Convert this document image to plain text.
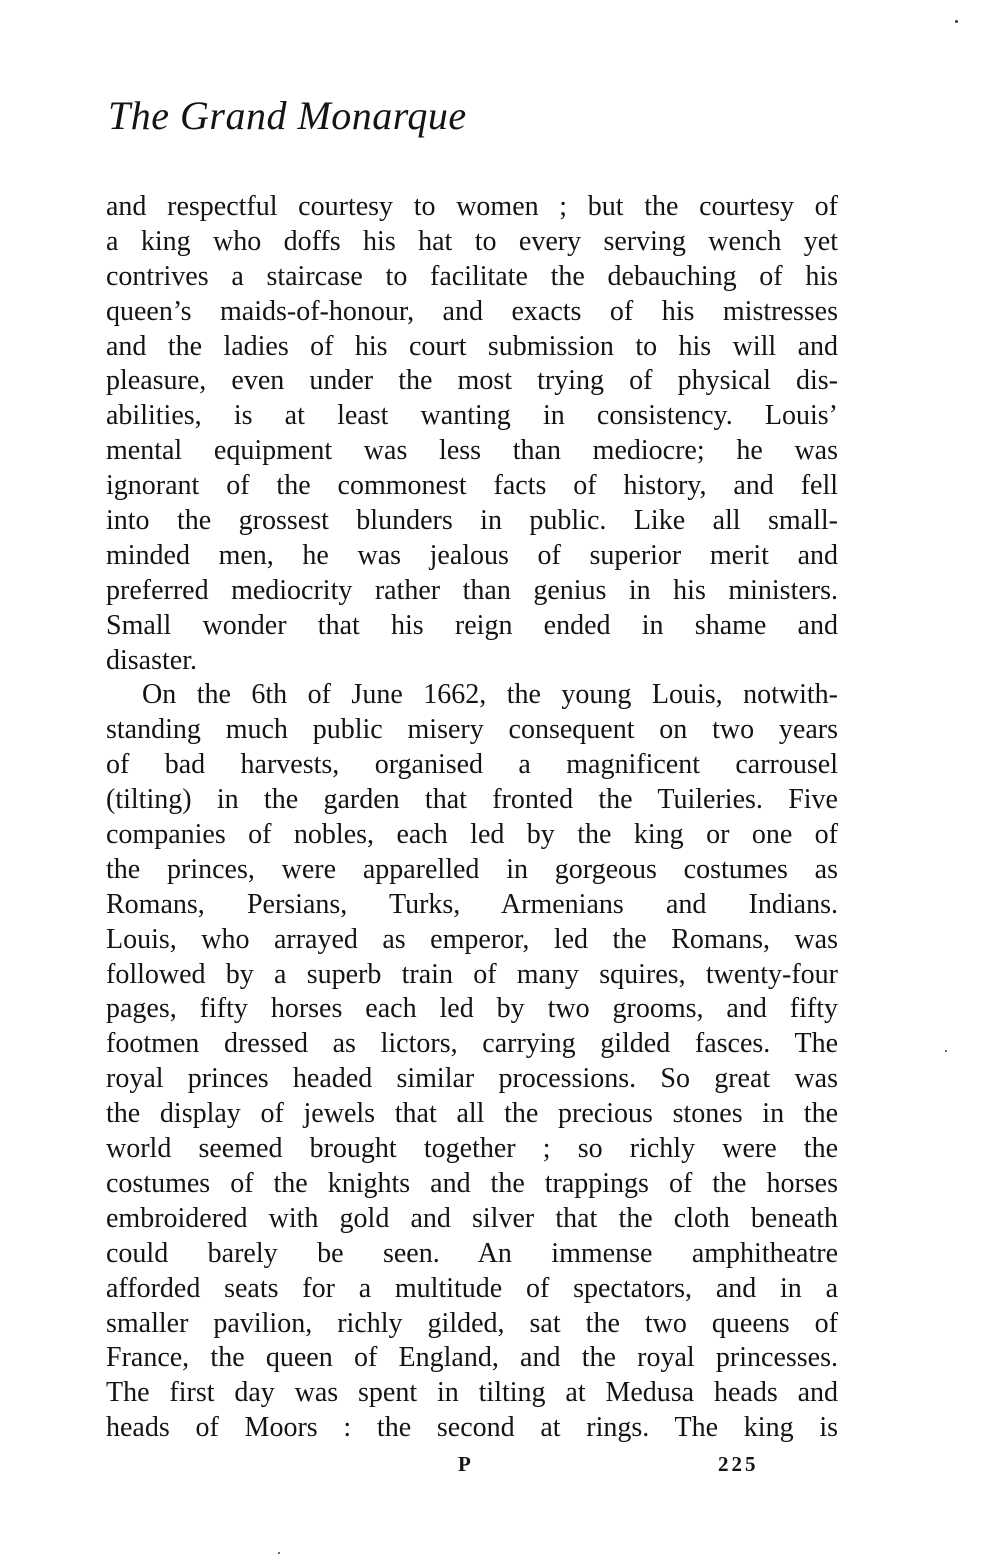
The Grand Monarque
and respectful courtesy to women ; but the courtesy of
a king who doffs his hat to every serving wench yet
contrives a staircase to facilitate the debauching of his
queen’s maids-of-honour, and exacts of his mistresses
and the ladies of his court submission to his will and
pleasure, even under the most trying of physical dis-
abilities, is at least wanting in consistency. Louis’
mental equipment was less than mediocre; he was
ignorant of the commonest facts of history, and fell
into the grossest blunders in public. Like all small-
minded men, he was jealous of superior merit and
preferred mediocrity rather than genius in his ministers.
Small wonder that his reign ended in shame and
disaster.
On the 6th of June 1662, the young Louis, notwith-
standing much public misery consequent on two years
of bad harvests, organised a magnificent carrousel
(tilting) in the garden that fronted the Tuileries. Five
companies of nobles, each led by the king or one of
the princes, were apparelled in gorgeous costumes as
Romans, Persians, Turks, Armenians and Indians.
Louis, who arrayed as emperor, led the Romans, was
followed by a superb train of many squires, twenty-four
pages, fifty horses each led by two grooms, and fifty
footmen dressed as lictors, carrying gilded fasces. The
royal princes headed similar processions. So great was
the display of jewels that all the precious stones in the
world seemed brought together ; so richly were the
costumes of the knights and the trappings of the horses
embroidered with gold and silver that the cloth beneath
could barely be seen. An immense amphitheatre
afforded seats for a multitude of spectators, and in a
smaller pavilion, richly gilded, sat the two queens of
France, the queen of England, and the royal princesses.
The first day was spent in tilting at Medusa heads and
heads of Moors : the second at rings. The king is
P	225
